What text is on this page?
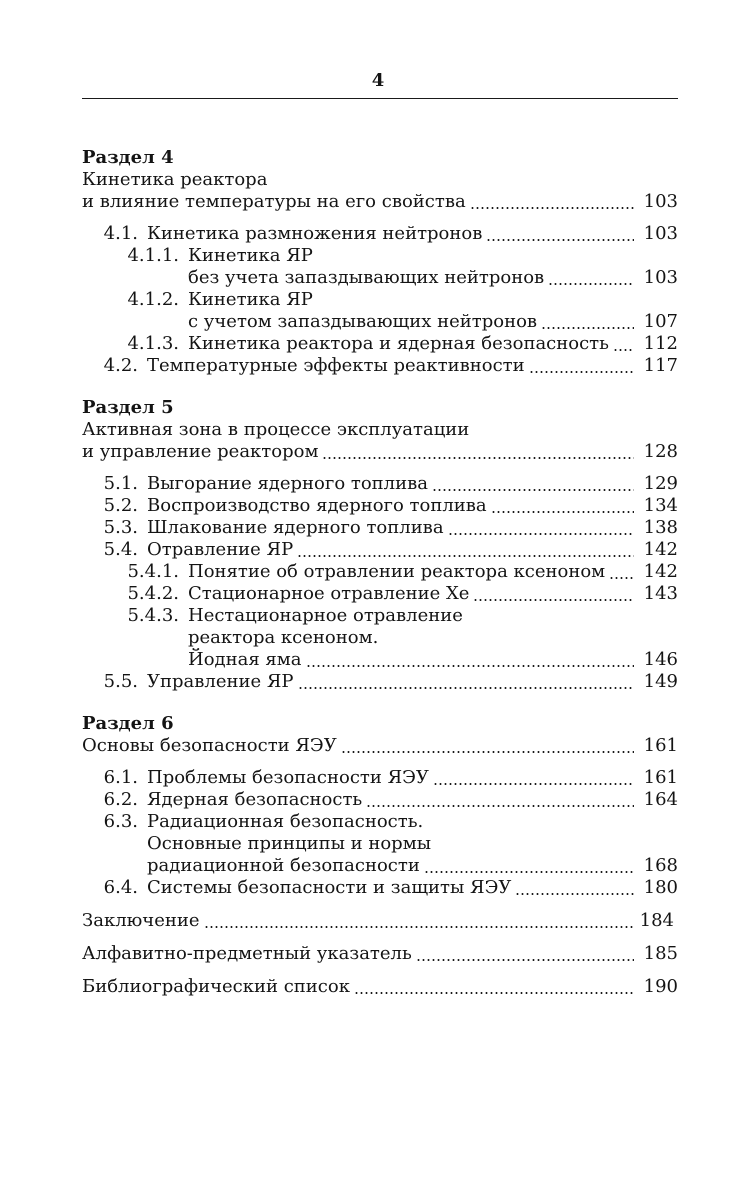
4
Раздел 4
Кинетика реактора
и влияние температуры на его свойства	103
4.1. Кинетика размножения нейтронов	103
4.1.1. Кинетика ЯР
без учета запаздывающих нейтронов	103
4.1.2. Кинетика ЯР
с учетом запаздывающих нейтронов	107
4.1.3. Кинетика реактора и ядерная безопасность	112
4.2. Температурные эффекты реактивности	117
Раздел 5
Активная зона в процессе эксплуатации
и управление реактором	128
5.1. Выгорание ядерного топлива	129
5.2. Воспроизводство ядерного топлива	134
5.3. Шлакование ядерного топлива	138
5.4. Отравление ЯР	142
5.4.1. Понятие об отравлении реактора ксеноном	142
5.4.2. Стационарное отравление Xe	143
5.4.3. Нестационарное отравление
реактора ксеноном.
Йодная яма	146
5.5. Управление ЯР	149
Раздел 6
Основы безопасности ЯЭУ	161
6.1. Проблемы безопасности ЯЭУ	161
6.2. Ядерная безопасность	164
6.3. Радиационная безопасность.
Основные принципы и нормы
радиационной безопасности	168
6.4. Системы безопасности и защиты ЯЭУ	180
Заключение	184
Алфавитно-предметный указатель	185
Библиографический список	190
